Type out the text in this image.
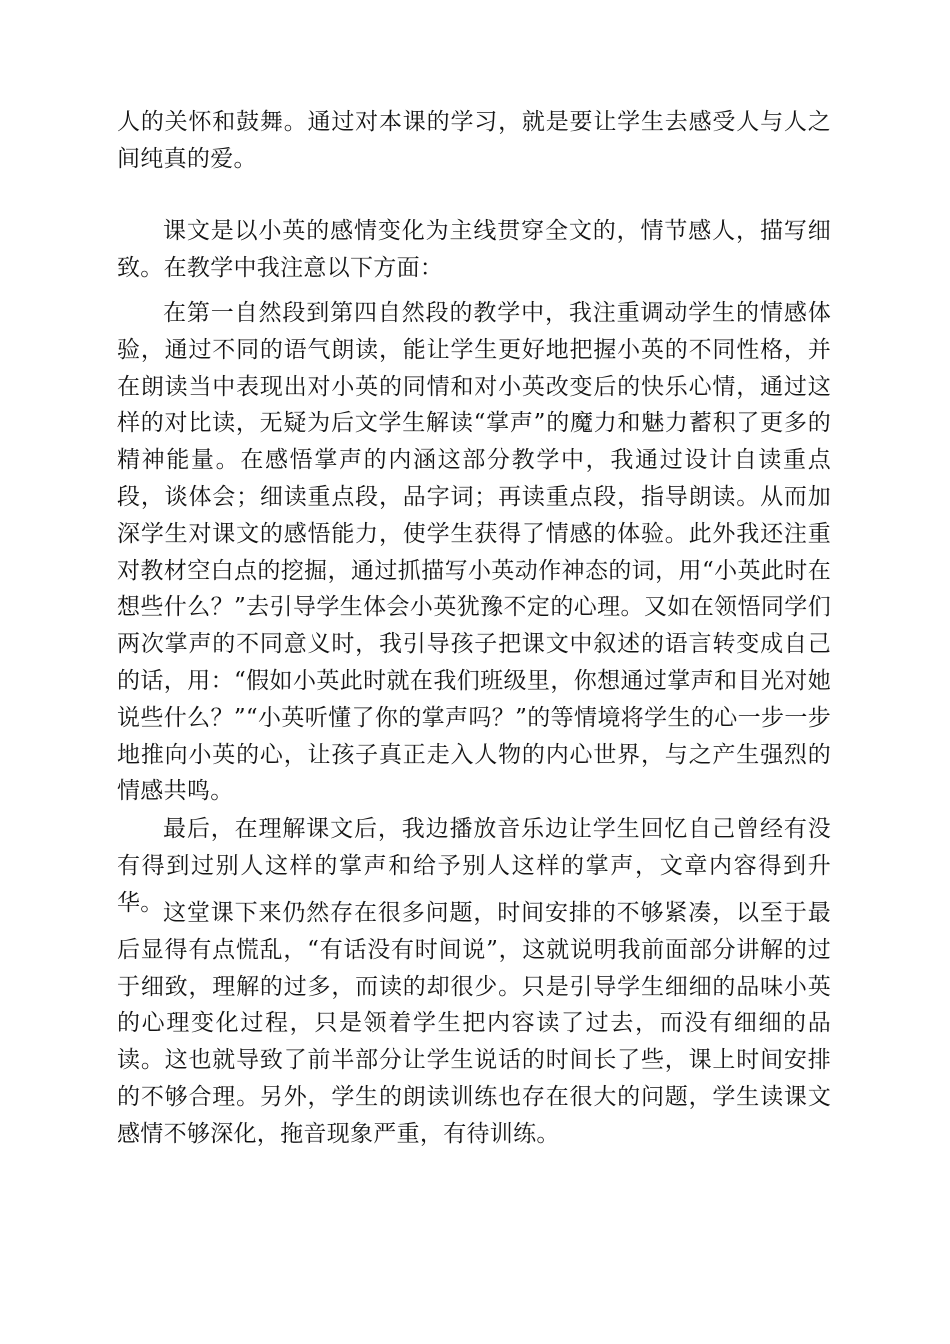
人的关怀和鼓舞。通过对本课的学习，就是要让学生去感受人与人之间纯真的爱。

课文是以小英的感情变化为主线贯穿全文的，情节感人，描写细致。在教学中我注意以下方面：

在第一自然段到第四自然段的教学中，我注重调动学生的情感体验，通过不同的语气朗读，能让学生更好地把握小英的不同性格，并在朗读当中表现出对小英的同情和对小英改变后的快乐心情，通过这样的对比读，无疑为后文学生解读“掌声”的魔力和魅力蓄积了更多的精神能量。在感悟掌声的内涵这部分教学中，我通过设计自读重点段，谈体会；细读重点段，品字词；再读重点段，指导朗读。从而加深学生对课文的感悟能力，使学生获得了情感的体验。此外我还注重对教材空白点的挖掘，通过抓描写小英动作神态的词，用“小英此时在想些什么？”去引导学生体会小英犹豫不定的心理。又如在领悟同学们两次掌声的不同意义时，我引导孩子把课文中叙述的语言转变成自己的话，用：“假如小英此时就在我们班级里，你想通过掌声和目光对她说些什么？”“小英听懂了你的掌声吗？”的等情境将学生的心一步一步地推向小英的心，让孩子真正走入人物的内心世界，与之产生强烈的情感共鸣。

最后，在理解课文后，我边播放音乐边让学生回忆自己曾经有没有得到过别人这样的掌声和给予别人这样的掌声，文章内容得到升华。 这堂课下来仍然存在很多问题，时间安排的不够紧凑，以至于最后显得有点慌乱，“有话没有时间说”，这就说明我前面部分讲解的过于细致，理解的过多，而读的却很少。只是引导学生细细的品味小英的心理变化过程，只是领着学生把内容读了过去，而没有细细的品读。这也就导致了前半部分让学生说话的时间长了些，课上时间安排的不够合理。另外，学生的朗读训练也存在很大的问题，学生读课文感情不够深化，拖音现象严重，有待训练。
